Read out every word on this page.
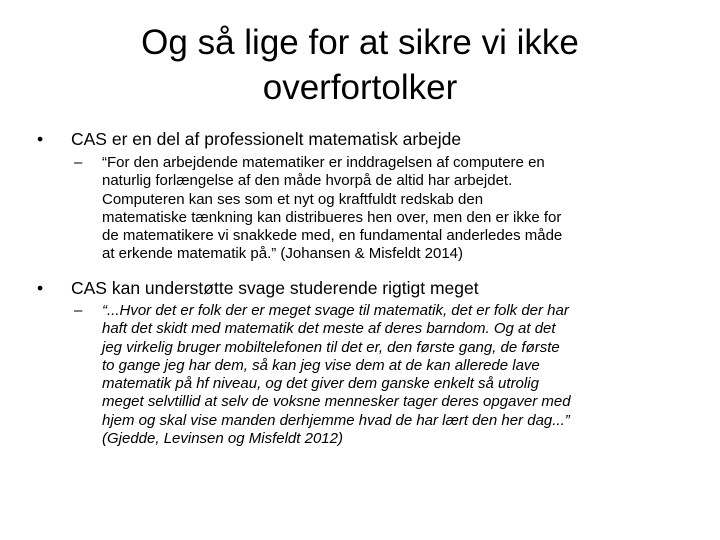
Og så lige for at sikre vi ikke
overfortolker
• CAS er en del af professionelt matematisk arbejde
– “For den arbejdende matematiker er inddragelsen af computere en
naturlig forlængelse af den måde hvorpå de altid har arbejdet.
Computeren kan ses som et nyt og kraftfuldt redskab den
matematiske tænkning kan distribueres hen over, men den er ikke for
de matematikere vi snakkede med, en fundamental anderledes måde
at erkende matematik på.” (Johansen & Misfeldt 2014)
• CAS kan understøtte svage studerende rigtigt meget
– “...Hvor det er folk der er meget svage til matematik, det er folk der har
haft det skidt med matematik det meste af deres barndom. Og at det
jeg virkelig bruger mobiltelefonen til det er, den første gang, de første
to gange jeg har dem, så kan jeg vise dem at de kan allerede lave
matematik på hf niveau, og det giver dem ganske enkelt så utrolig
meget selvtillid at selv de voksne mennesker tager deres opgaver med
hjem og skal vise manden derhjemme hvad de har lært den her dag...”
(Gjedde, Levinsen og Misfeldt 2012)
